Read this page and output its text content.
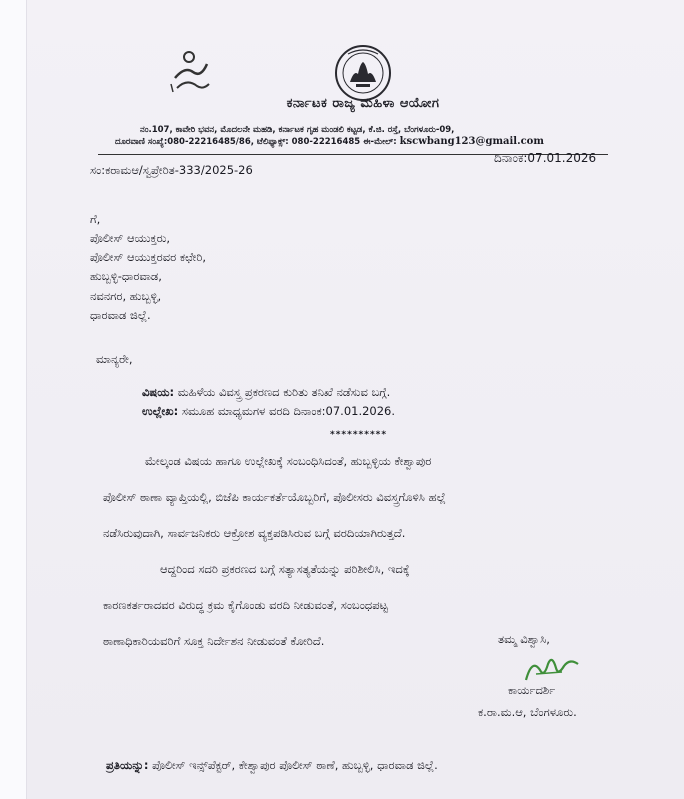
ಕರ್ನಾಟಕ ರಾಜ್ಯ ಮಹಿಳಾ ಆಯೋಗ
ನಂ.107, ಕಾವೇರಿ ಭವನ, ಮೊದಲನೇ ಮಹಡಿ, ಕರ್ನಾಟಕ ಗೃಹ ಮಂಡಲಿ ಕಟ್ಟಡ, ಕೆ.ಜಿ. ರಸ್ತೆ, ಬೆಂಗಳೂರು-09,
ದೂರವಾಣಿ ಸಂಖ್ಯೆ:080-22216485/86, ಟೆಲಿಫ್ಯಾಕ್ಸ್: 080-22216485 ಈ-ಮೇಲ್: kscwbang123@gmail.com
ದಿನಾಂಕ:07.01.2026
ಸಂ:ಕರಾಮಆ/ಸ್ವಪ್ರೇರಿತ-333/2025-26
ಗೆ,
ಪೊಲೀಸ್ ಆಯುಕ್ತರು,
ಪೊಲೀಸ್ ಆಯುಕ್ತರವರ ಕಛೇರಿ,
ಹುಬ್ಬಳ್ಳಿ-ಧಾರವಾಡ,
ನವನಗರ, ಹುಬ್ಬಳ್ಳಿ,
ಧಾರವಾಡ ಜಿಲ್ಲೆ.
ಮಾನ್ಯರೇ,
ವಿಷಯ: ಮಹಿಳೆಯ ವಿವಸ್ತ್ರ ಪ್ರಕರಣದ ಕುರಿತು ತನಿಖೆ ನಡೆಸುವ ಬಗ್ಗೆ.
ಉಲ್ಲೇಖ: ಸಮೂಹ ಮಾಧ್ಯಮಗಳ ವರದಿ ದಿನಾಂಕ:07.01.2026.
**********
ಮೇಲ್ಕಂಡ ವಿಷಯ ಹಾಗೂ ಉಲ್ಲೇಖಕ್ಕೆ ಸಂಬಂಧಿಸಿದಂತೆ, ಹುಬ್ಬಳ್ಳಿಯ ಕೇಶ್ವಾಪುರ
ಪೊಲೀಸ್ ಠಾಣಾ ವ್ಯಾಪ್ತಿಯಲ್ಲಿ, ಬಿಜೆಪಿ ಕಾರ್ಯಕರ್ತೆಯೊಬ್ಬರಿಗೆ, ಪೊಲೀಸರು ವಿವಸ್ತ್ರಗೊಳಿಸಿ ಹಲ್ಲೆ
ನಡೆಸಿರುವುದಾಗಿ, ಸಾರ್ವಜನಿಕರು ಆಕ್ರೋಶ ವ್ಯಕ್ತಪಡಿಸಿರುವ ಬಗ್ಗೆ ವರದಿಯಾಗಿರುತ್ತದೆ.
ಆದ್ದರಿಂದ ಸದರಿ ಪ್ರಕರಣದ ಬಗ್ಗೆ ಸತ್ಯಾಸತ್ಯತೆಯನ್ನು ಪರಿಶೀಲಿಸಿ, ಇದಕ್ಕೆ
ಕಾರಣಕರ್ತರಾದವರ ವಿರುದ್ಧ ಕ್ರಮ ಕೈಗೊಂಡು ವರದಿ ನೀಡುವಂತೆ, ಸಂಬಂಧಪಟ್ಟ
ಠಾಣಾಧಿಕಾರಿಯವರಿಗೆ ಸೂಕ್ತ ನಿರ್ದೇಶನ ನೀಡುವಂತೆ ಕೋರಿದೆ.	ತಮ್ಮ ವಿಶ್ವಾಸಿ,
ಕಾರ್ಯದರ್ಶಿ
ಕ.ರಾ.ಮ.ಆ, ಬೆಂಗಳೂರು.
ಪ್ರತಿಯನ್ನು: ಪೊಲೀಸ್ ಇನ್ಸ್‌ಪೆಕ್ಟರ್, ಕೇಶ್ವಾಪುರ ಪೊಲೀಸ್ ಠಾಣೆ, ಹುಬ್ಬಳ್ಳಿ, ಧಾರವಾಡ ಜಿಲ್ಲೆ.
